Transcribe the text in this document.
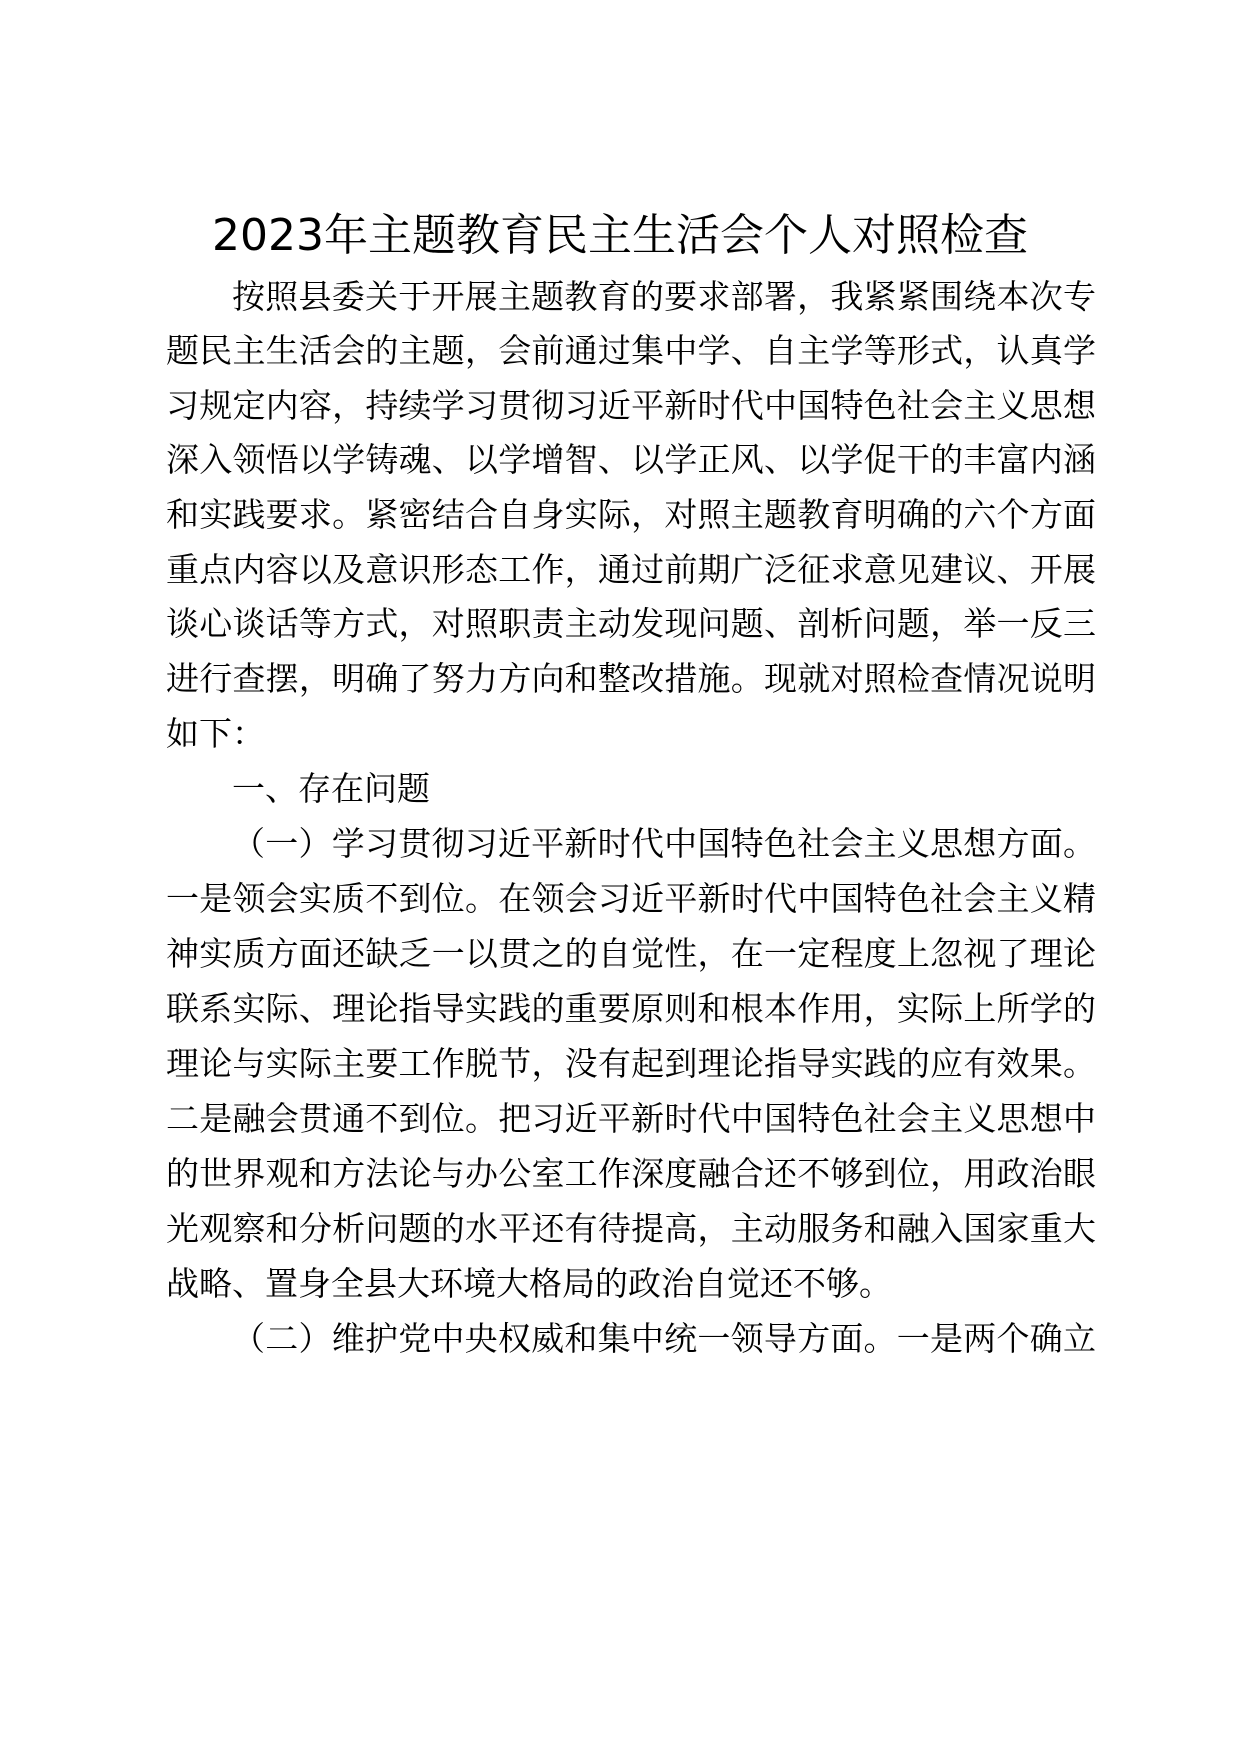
2023年主题教育民主生活会个人对照检查
按照县委关于开展主题教育的要求部署，我紧紧围绕本次专
题民主生活会的主题，会前通过集中学、自主学等形式，认真学
习规定内容，持续学习贯彻习近平新时代中国特色社会主义思想
深入领悟以学铸魂、以学增智、以学正风、以学促干的丰富内涵
和实践要求。紧密结合自身实际，对照主题教育明确的六个方面
重点内容以及意识形态工作，通过前期广泛征求意见建议、开展
谈心谈话等方式，对照职责主动发现问题、剖析问题，举一反三
进行查摆，明确了努力方向和整改措施。现就对照检查情况说明
如下：
一、存在问题
（一）学习贯彻习近平新时代中国特色社会主义思想方面。
一是领会实质不到位。在领会习近平新时代中国特色社会主义精
神实质方面还缺乏一以贯之的自觉性，在一定程度上忽视了理论
联系实际、理论指导实践的重要原则和根本作用，实际上所学的
理论与实际主要工作脱节，没有起到理论指导实践的应有效果。
二是融会贯通不到位。把习近平新时代中国特色社会主义思想中
的世界观和方法论与办公室工作深度融合还不够到位，用政治眼
光观察和分析问题的水平还有待提高，主动服务和融入国家重大
战略、置身全县大环境大格局的政治自觉还不够。
（二）维护党中央权威和集中统一领导方面。一是两个确立
